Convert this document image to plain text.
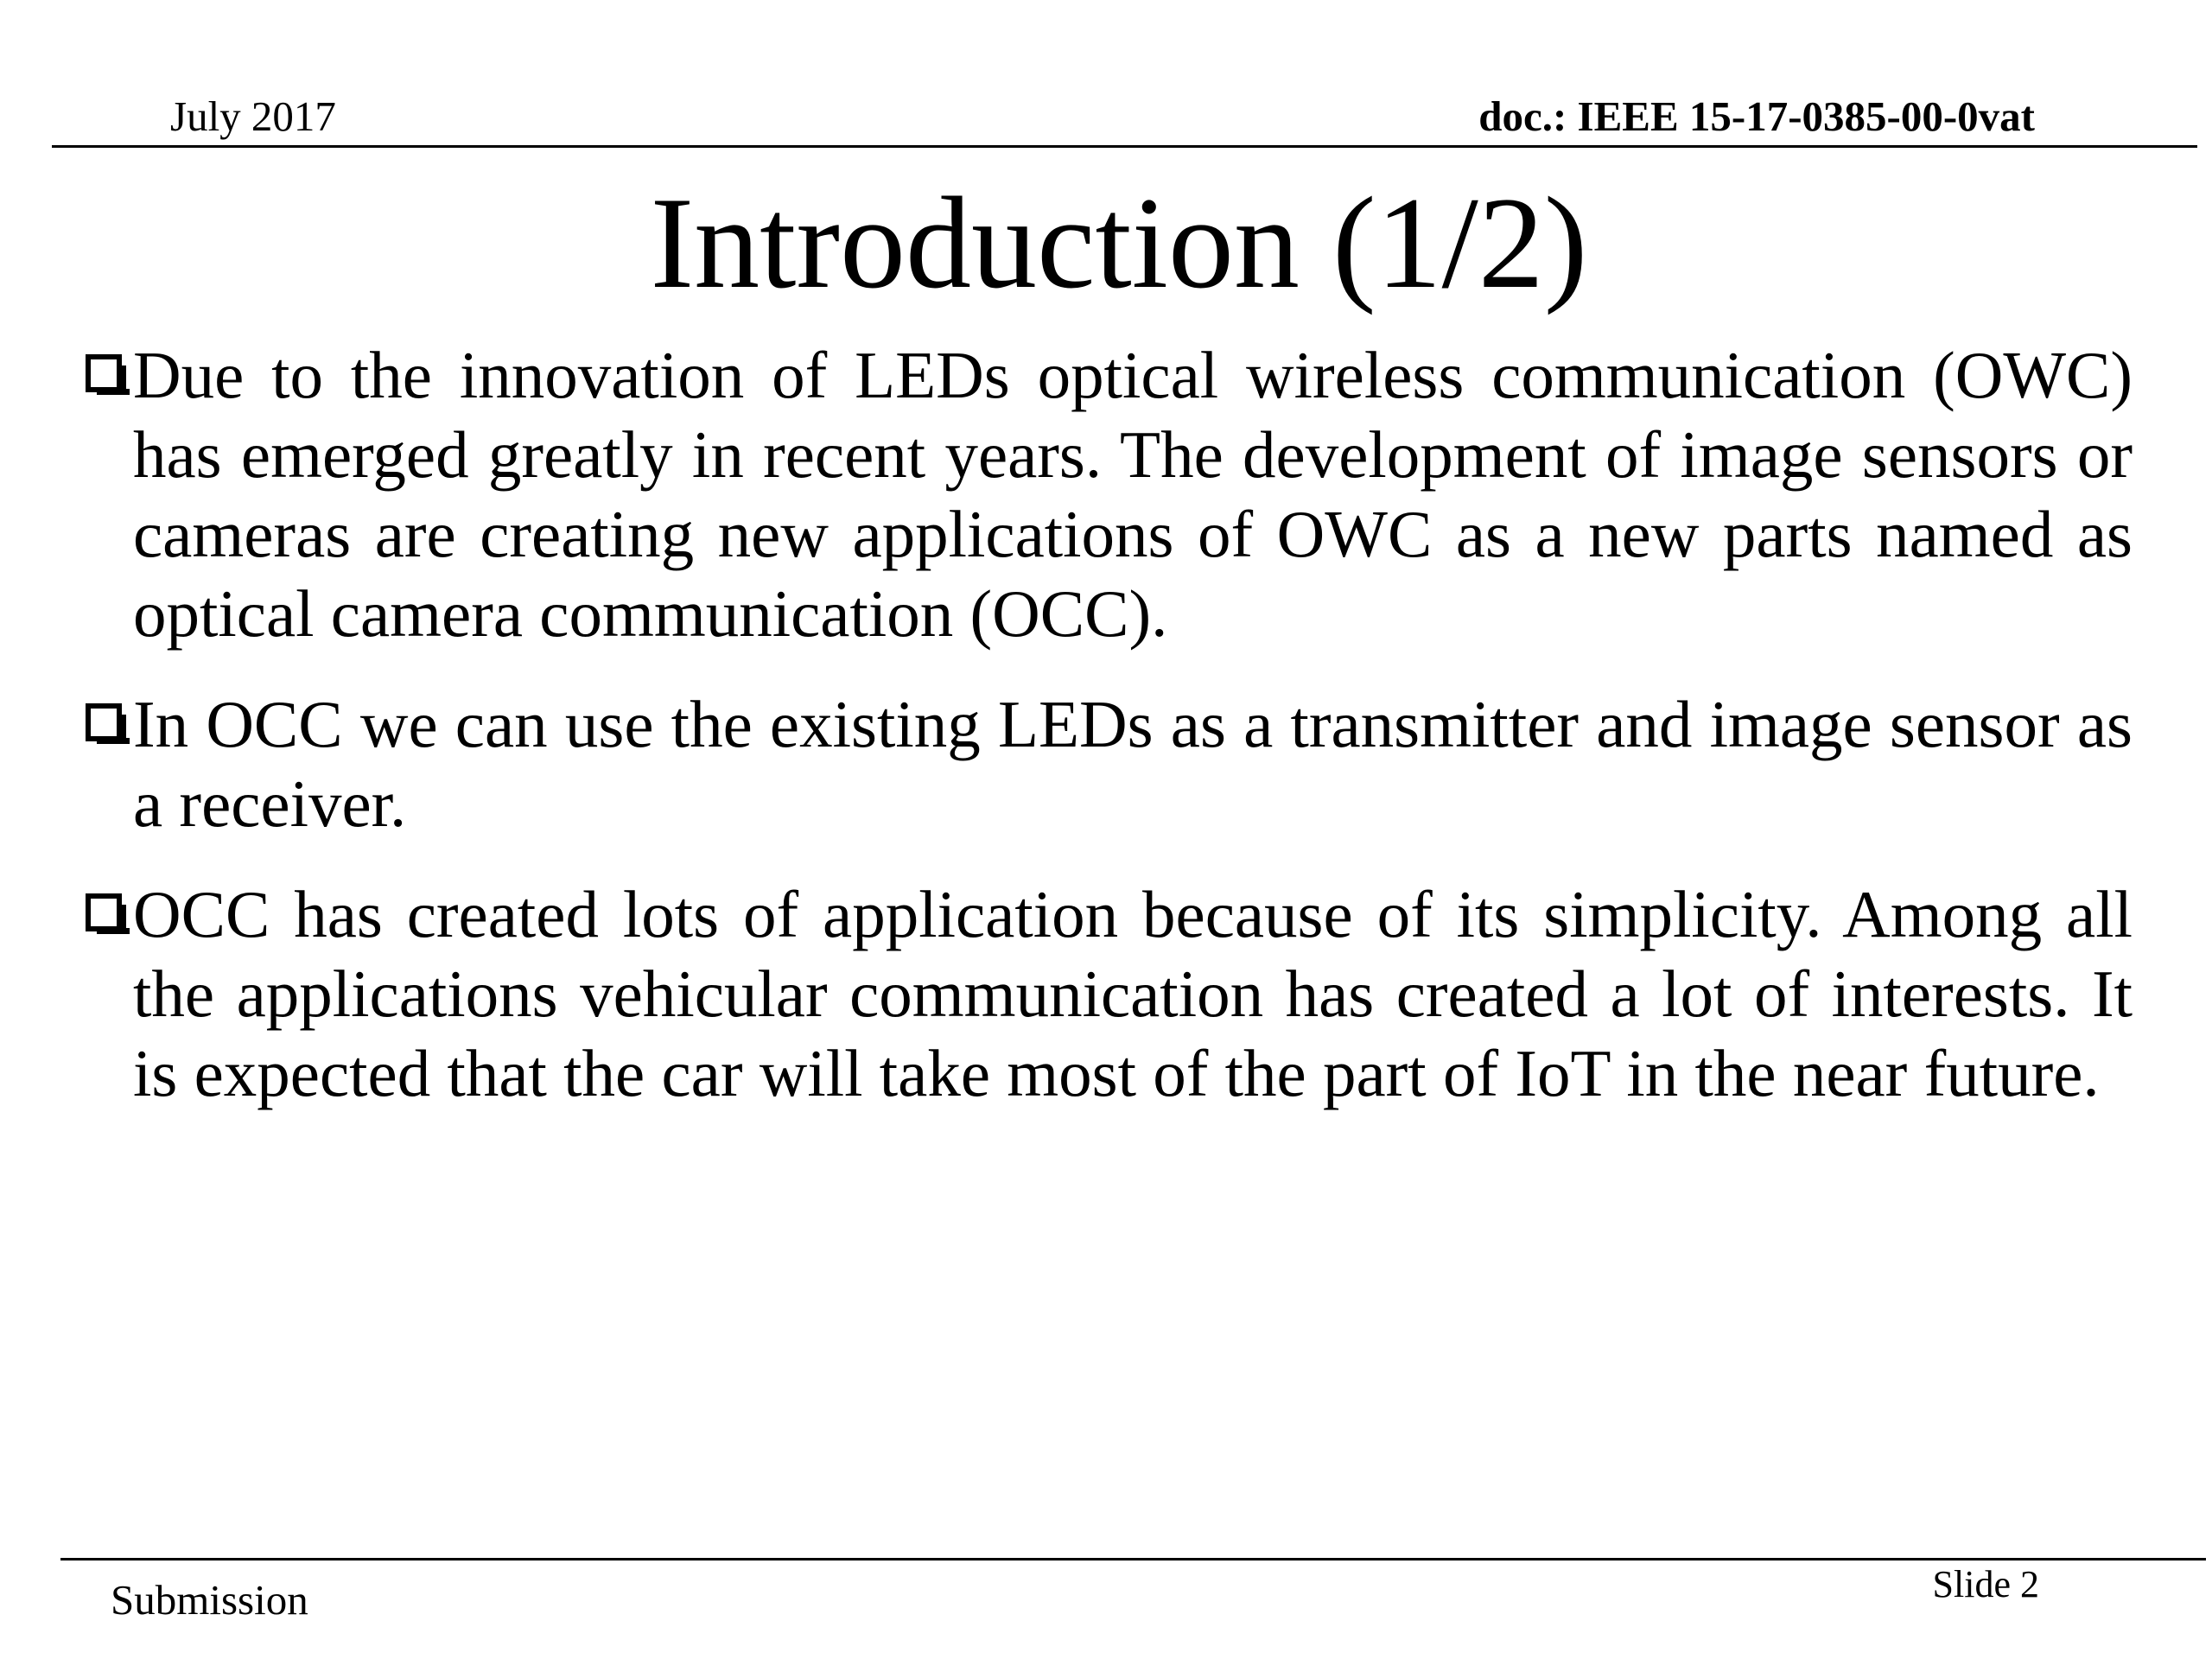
July 2017	doc.: IEEE 15-17-0385-00-0vat
Introduction (1/2)
Due to the innovation of LEDs optical wireless communication (OWC) has emerged greatly in recent years. The development of image sensors or cameras are creating new applications of OWC as a new parts named as optical camera communication (OCC).
In OCC we can use the existing LEDs as a transmitter and image sensor as a receiver.
OCC has created lots of application because of its simplicity. Among all the applications vehicular communication has created a lot of interests. It is expected that the car will take most of the part of IoT in the near future.
Submission	Slide 2
